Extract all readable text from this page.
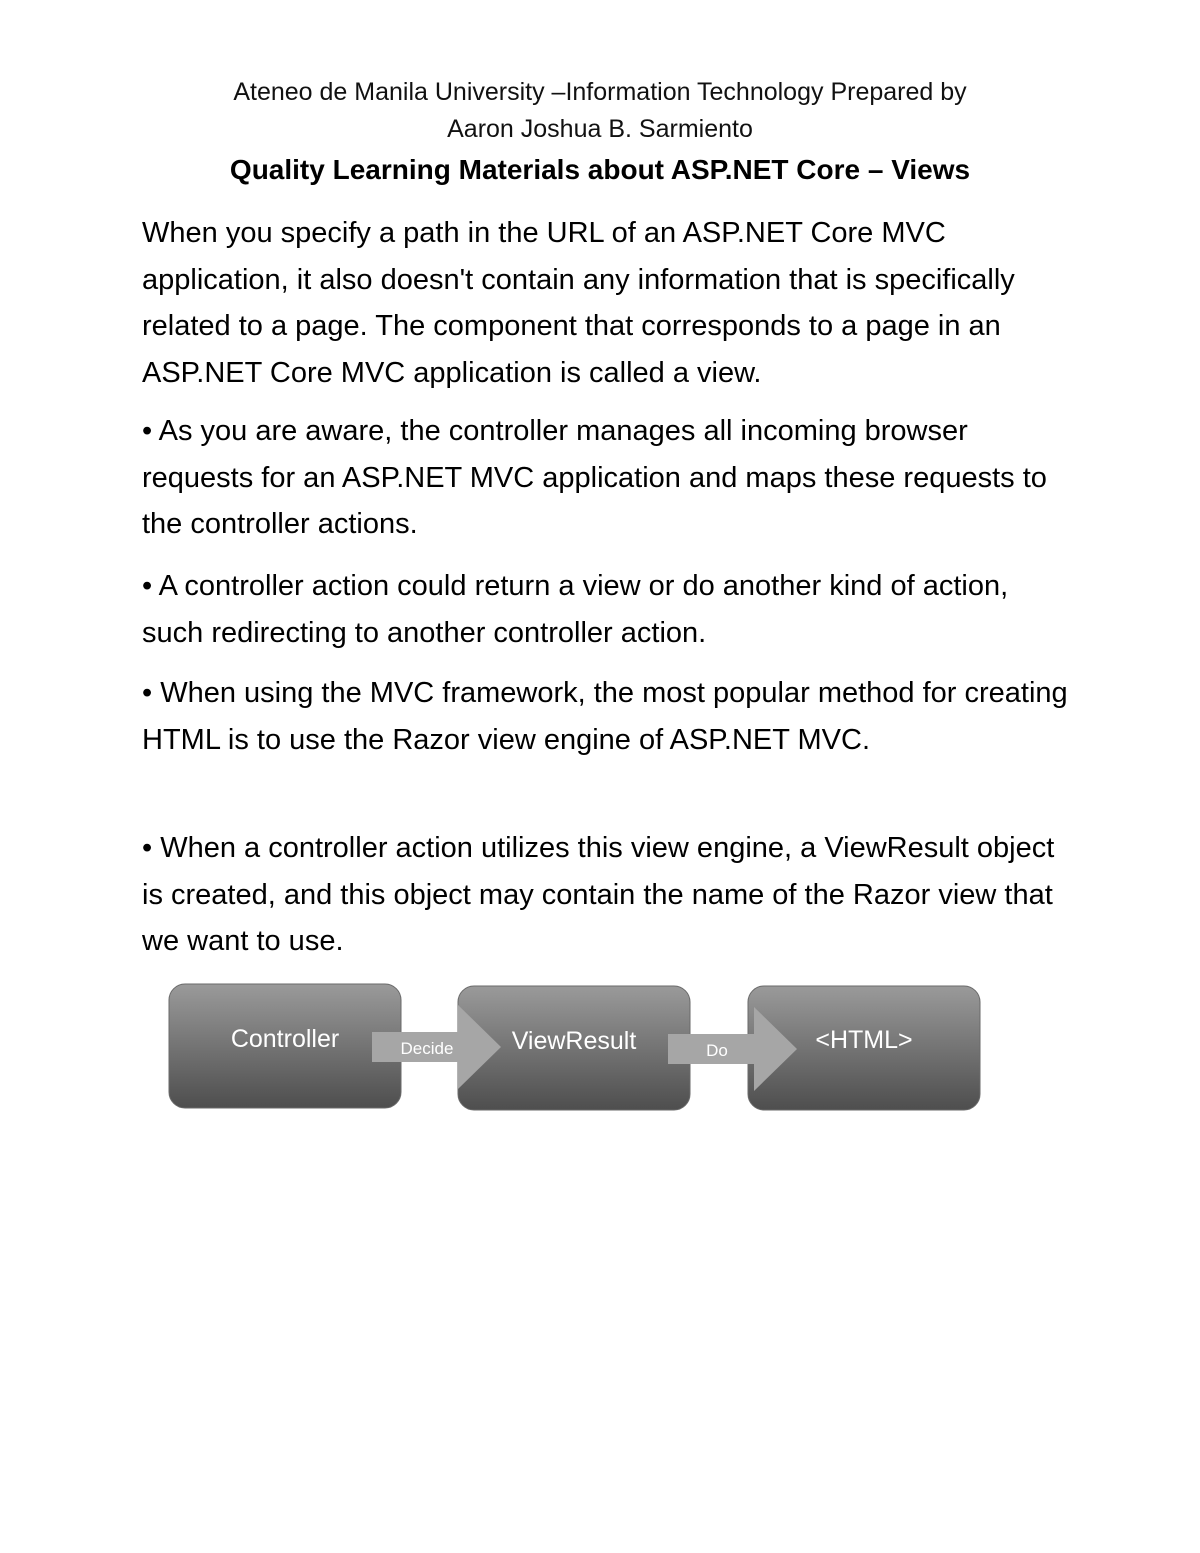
Ateneo de Manila University –Information Technology Prepared by
Aaron Joshua B. Sarmiento
Quality Learning Materials about ASP.NET Core – Views
When you specify a path in the URL of an ASP.NET Core MVC application, it also doesn't contain any information that is specifically related to a page. The component that corresponds to a page in an ASP.NET Core MVC application is called a view.
• As you are aware, the controller manages all incoming browser requests for an ASP.NET MVC application and maps these requests to the controller actions.
• A controller action could return a view or do another kind of action, such redirecting to another controller action.
• When using the MVC framework, the most popular method for creating HTML is to use the Razor view engine of ASP.NET MVC.
• When a controller action utilizes this view engine, a ViewResult object is created, and this object may contain the name of the Razor view that we want to use.
Controller	ViewResult	<HTML>
Decide	Do
